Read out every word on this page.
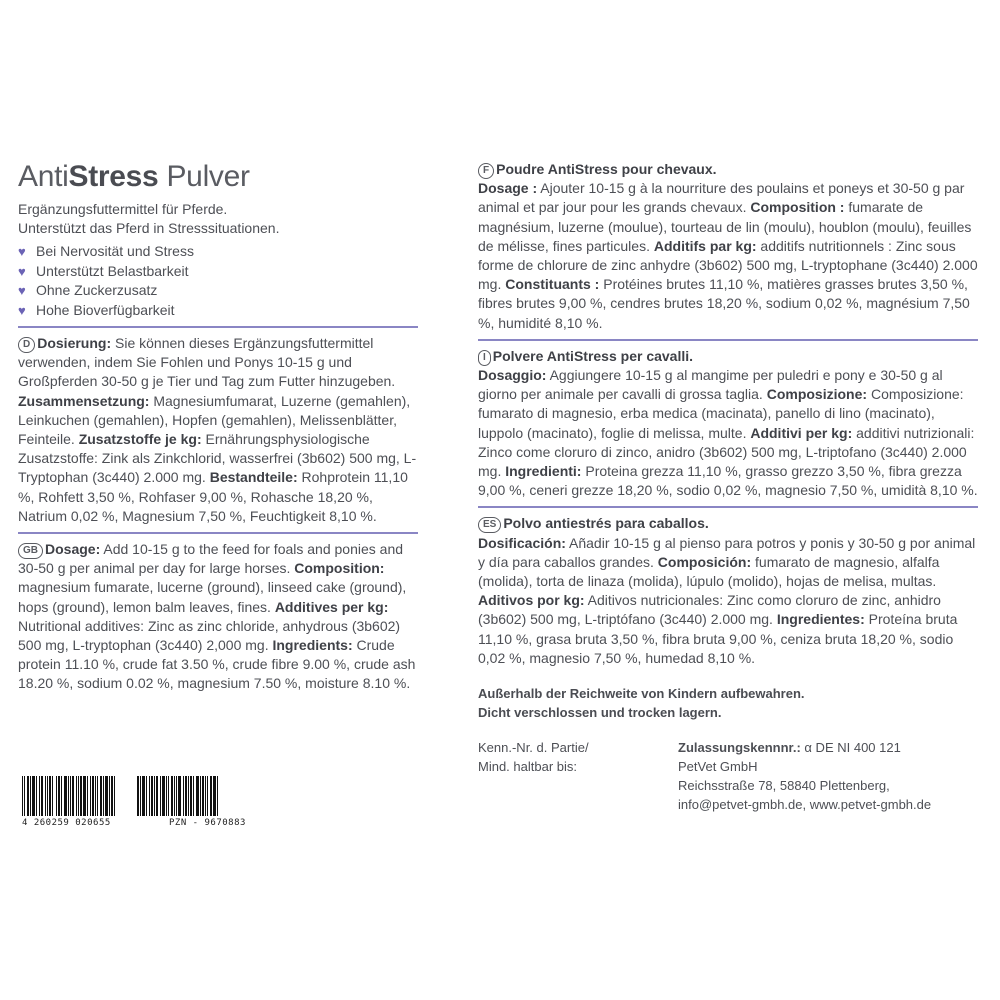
AntiStress Pulver

Ergänzungsfuttermittel für Pferde.

Unterstützt das Pferd in Stresssituationen.

♥ Bei Nervosität und Stress
♥ Unterstützt Belastbarkeit
♥ Ohne Zuckerzusatz
♥ Hohe Bioverfügbarkeit

D Dosierung: Sie können dieses Ergänzungsfuttermittel verwenden, indem Sie Fohlen und Ponys 10-15 g und Großpferden 30-50 g je Tier und Tag zum Futter hinzugeben. Zusammensetzung: Magnesiumfumarat, Luzerne (gemahlen), Leinkuchen (gemahlen), Hopfen (gemahlen), Melissenblätter, Feinteile. Zusatzstoffe je kg: Ernährungsphysiologische Zusatzstoffe: Zink als Zinkchlorid, wasserfrei (3b602) 500 mg, L-Tryptophan (3c440) 2.000 mg. Bestandteile: Rohprotein 11,10 %, Rohfett 3,50 %, Rohfaser 9,00 %, Rohasche 18,20 %, Natrium 0,02 %, Magnesium 7,50 %, Feuchtigkeit 8,10 %.

GB Dosage: Add 10-15 g to the feed for foals and ponies and 30-50 g per animal per day for large horses. Composition: magnesium fumarate, lucerne (ground), linseed cake (ground), hops (ground), lemon balm leaves, fines. Additives per kg: Nutritional additives: Zinc as zinc chloride, anhydrous (3b602) 500 mg, L-tryptophan (3c440) 2,000 mg. Ingredients: Crude protein 11.10 %, crude fat 3.50 %, crude fibre 9.00 %, crude ash 18.20 %, sodium 0.02 %, magnesium 7.50 %, moisture 8.10 %.

4 260259 020655	PZN - 9670883

F Poudre AntiStress pour chevaux.
Dosage : Ajouter 10-15 g à la nourriture des poulains et poneys et 30-50 g par animal et par jour pour les grands chevaux. Composition : fumarate de magnésium, luzerne (moulue), tourteau de lin (moulu), houblon (moulu), feuilles de mélisse, fines particules. Additifs par kg: additifs nutritionnels : Zinc sous forme de chlorure de zinc anhydre (3b602) 500 mg, L-tryptophane (3c440) 2.000 mg. Constituants : Protéines brutes 11,10 %, matières grasses brutes 3,50 %, fibres brutes 9,00 %, cendres brutes 18,20 %, sodium 0,02 %, magnésium 7,50 %, humidité 8,10 %.

I Polvere AntiStress per cavalli.
Dosaggio: Aggiungere 10-15 g al mangime per puledri e pony e 30-50 g al giorno per animale per cavalli di grossa taglia. Composizione: Composizione: fumarato di magnesio, erba medica (macinata), panello di lino (macinato), luppolo (macinato), foglie di melissa, multe. Additivi per kg: additivi nutrizionali: Zinco come cloruro di zinco, anidro (3b602) 500 mg, L-triptofano (3c440) 2.000 mg. Ingredienti: Proteina grezza 11,10 %, grasso grezzo 3,50 %, fibra grezza 9,00 %, ceneri grezze 18,20 %, sodio 0,02 %, magnesio 7,50 %, umidità 8,10 %.

ES Polvo antiestrés para caballos.
Dosificación: Añadir 10-15 g al pienso para potros y ponis y 30-50 g por animal y día para caballos grandes. Composición: fumarato de magnesio, alfalfa (molida), torta de linaza (molida), lúpulo (molido), hojas de melisa, multas. Aditivos por kg: Aditivos nutricionales: Zinc como cloruro de zinc, anhidro (3b602) 500 mg, L-triptófano (3c440) 2.000 mg. Ingredientes: Proteína bruta 11,10 %, grasa bruta 3,50 %, fibra bruta 9,00 %, ceniza bruta 18,20 %, sodio 0,02 %, magnesio 7,50 %, humedad 8,10 %.

Außerhalb der Reichweite von Kindern aufbewahren.

Dicht verschlossen und trocken lagern.

Kenn.-Nr. d. Partie/
Mind. haltbar bis:
Zulassungskennnr.: α DE NI 400 121
PetVet GmbH
Reichsstraße 78, 58840 Plettenberg,
info@petvet-gmbh.de, www.petvet-gmbh.de
